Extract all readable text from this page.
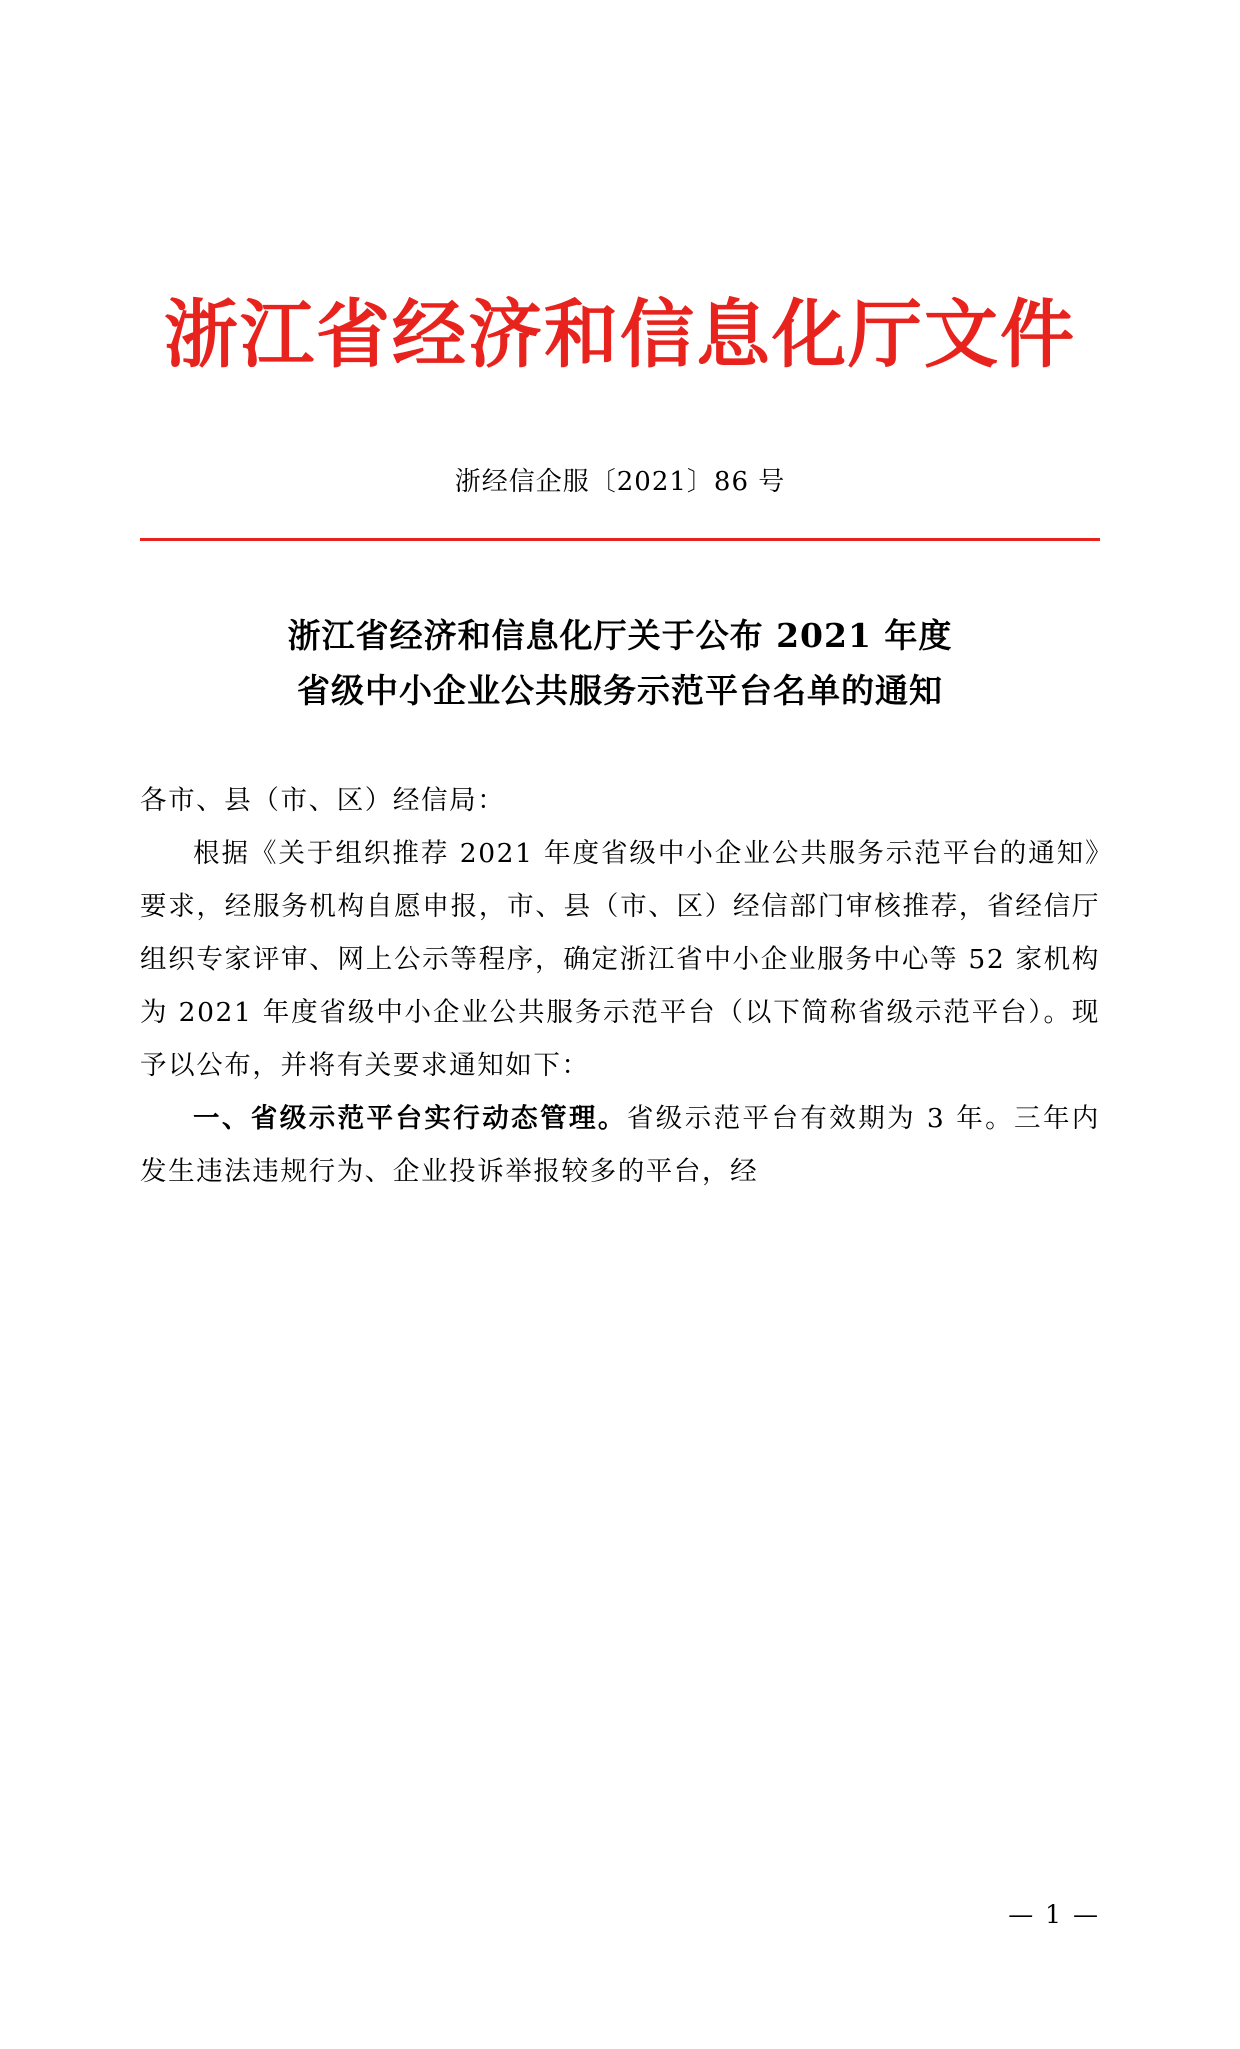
浙江省经济和信息化厅文件
浙经信企服〔2021〕86 号
浙江省经济和信息化厅关于公布 2021 年度
省级中小企业公共服务示范平台名单的通知

各市、县（市、区）经信局：

根据《关于组织推荐 2021 年度省级中小企业公共服务示范平台的通知》要求，经服务机构自愿申报，市、县（市、区）经信部门审核推荐，省经信厅组织专家评审、网上公示等程序，确定浙江省中小企业服务中心等 52 家机构为 2021 年度省级中小企业公共服务示范平台（以下简称省级示范平台）。现予以公布，并将有关要求通知如下：

一、省级示范平台实行动态管理。省级示范平台有效期为 3 年。三年内发生违法违规行为、企业投诉举报较多的平台，经

— 1 —
